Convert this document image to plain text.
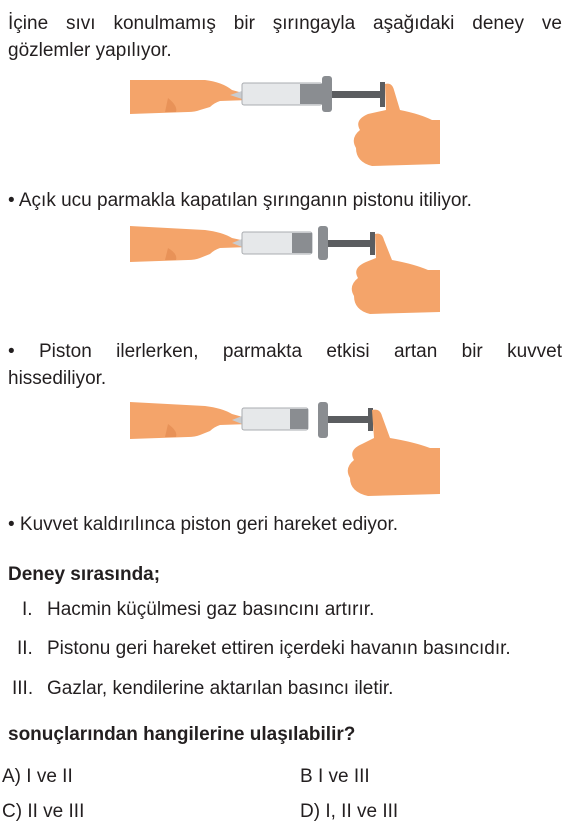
İçine sıvı konulmamış bir şırıngayla aşağıdaki deney ve
gözlemler yapılıyor.
• Açık ucu parmakla kapatılan şırınganın pistonu itiliyor.
• Piston ilerlerken, parmakta etkisi artan bir kuvvet
hissediliyor.
• Kuvvet kaldırılınca piston geri hareket ediyor.
Deney sırasında;
I. Hacmin küçülmesi gaz basıncını artırır.
II. Pistonu geri hareket ettiren içerdeki havanın basıncıdır.
III. Gazlar, kendilerine aktarılan basıncı iletir.
sonuçlarından hangilerine ulaşılabilir?
A) I ve II	B I ve III
C) II ve III	D) I, II ve III
